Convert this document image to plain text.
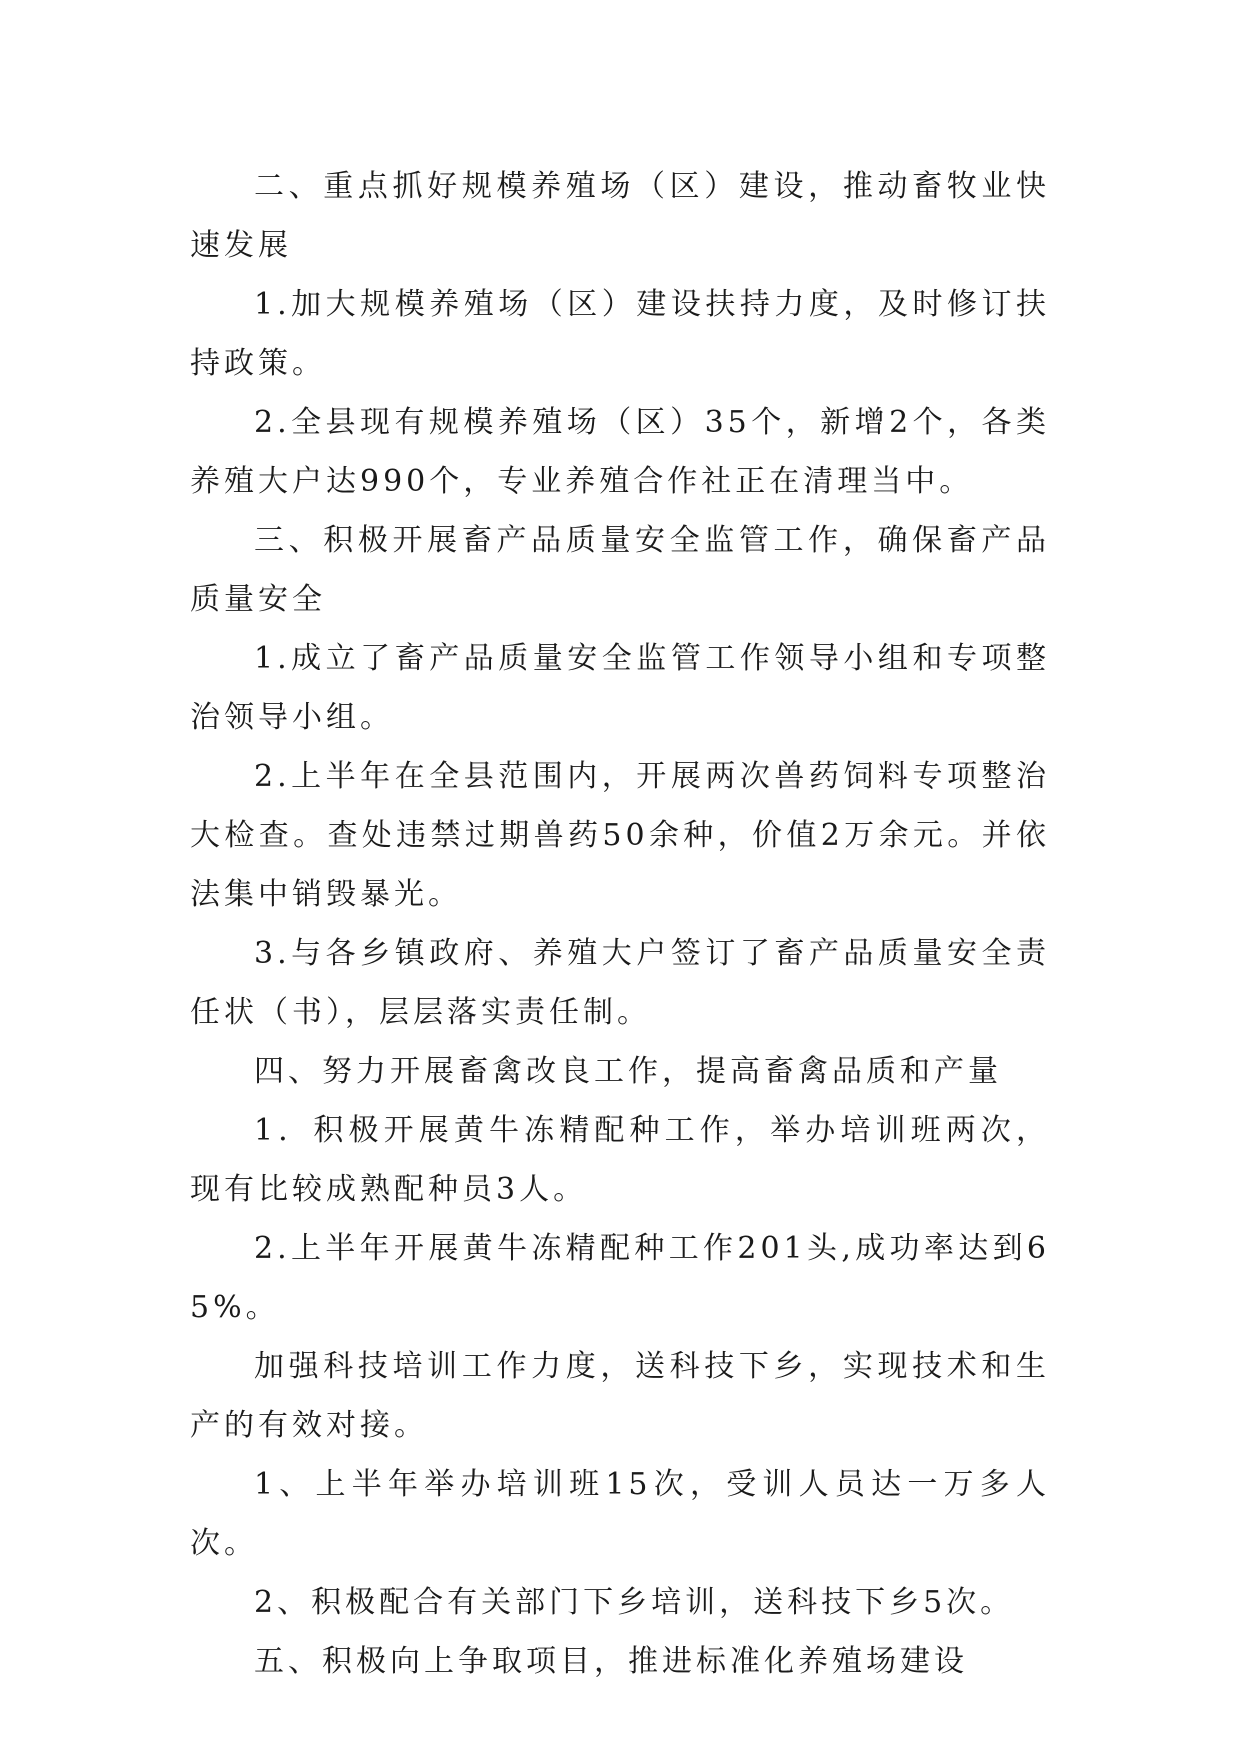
二、重点抓好规模养殖场（区）建设，推动畜牧业快速发展

1.加大规模养殖场（区）建设扶持力度，及时修订扶持政策。

2.全县现有规模养殖场（区）35个，新增2个，各类养殖大户达990个，专业养殖合作社正在清理当中。

三、积极开展畜产品质量安全监管工作，确保畜产品质量安全

1.成立了畜产品质量安全监管工作领导小组和专项整治领导小组。

2.上半年在全县范围内，开展两次兽药饲料专项整治大检查。查处违禁过期兽药50余种，价值2万余元。并依法集中销毁暴光。

3.与各乡镇政府、养殖大户签订了畜产品质量安全责任状（书），层层落实责任制。

四、努力开展畜禽改良工作，提高畜禽品质和产量

1．积极开展黄牛冻精配种工作，举办培训班两次，现有比较成熟配种员3人。

2.上半年开展黄牛冻精配种工作201头,成功率达到65%。

加强科技培训工作力度，送科技下乡，实现技术和生产的有效对接。

1、上半年举办培训班15次，受训人员达一万多人次。

2、积极配合有关部门下乡培训，送科技下乡5次。

五、积极向上争取项目，推进标准化养殖场建设
